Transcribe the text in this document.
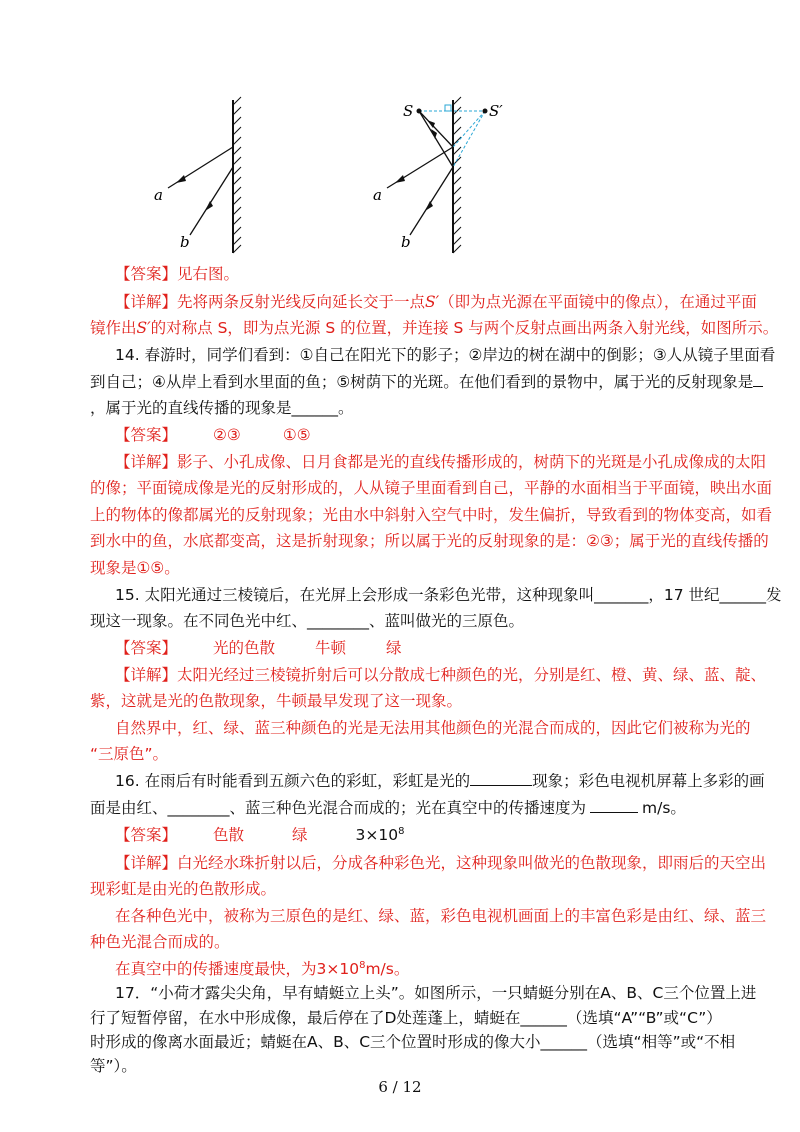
a
b
S	S′
a
b
【答案】见右图。
【详解】先将两条反射光线反向延长交于一点S′（即为点光源在平面镜中的像点），在通过平面
镜作出S′的对称点 S，即为点光源 S 的位置，并连接 S 与两个反射点画出两条入射光线，如图所示。
14. 春游时，同学们看到：①自己在阳光下的影子；②岸边的树在湖中的倒影；③人从镜子里面看
到自己；④从岸上看到水里面的鱼；⑤树荫下的光斑。在他们看到的景物中，属于光的反射现象是
，属于光的直线传播的现象是______。
【答案】 ②③	①⑤
【详解】影子、小孔成像、日月食都是光的直线传播形成的，树荫下的光斑是小孔成像成的太阳
的像；平面镜成像是光的反射形成的，人从镜子里面看到自己，平静的水面相当于平面镜，映出水面
上的物体的像都属光的反射现象；光由水中斜射入空气中时，发生偏折，导致看到的物体变高，如看
到水中的鱼，水底都变高，这是折射现象；所以属于光的反射现象的是：②③；属于光的直线传播的
现象是①⑤。
15. 太阳光通过三棱镜后，在光屏上会形成一条彩色光带，这种现象叫_______，17 世纪______发
现这一现象。在不同色光中红、________、蓝叫做光的三原色。
【答案】 光的色散	牛顿	绿
【详解】太阳光经过三棱镜折射后可以分散成七种颜色的光，分别是红、橙、黄、绿、蓝、靛、
紫，这就是光的色散现象，牛顿最早发现了这一现象。
自然界中，红、绿、蓝三种颜色的光是无法用其他颜色的光混合而成的，因此它们被称为光的
“三原色”。
16. 在雨后有时能看到五颜六色的彩虹，彩虹是光的	现象；彩色电视机屏幕上多彩的画
面是由红、________、蓝三种色光混合而成的；光在真空中的传播速度为	m/s。
【答案】 色散	绿	$3\times 10^8$
【详解】白光经水珠折射以后，分成各种彩色光，这种现象叫做光的色散现象，即雨后的天空出
现彩虹是由光的色散形成。
在各种色光中，被称为三原色的是红、绿、蓝，彩色电视机画面上的丰富色彩是由红、绿、蓝三
种色光混合而成的。
在真空中的传播速度最快，为$3\times 10^8m/s$。
17．“小荷才露尖尖角，早有蜻蜓立上头”。如图所示，一只蜻蜓分别在A、B、C三个位置上进
行了短暂停留，在水中形成像，最后停在了D处莲蓬上，蜻蜓在______（选填“A”“B”或“C”）
时形成的像离水面最近；蜻蜓在A、B、C三个位置时形成的像大小______（选填“相等”或“不相
6 / 12
等”）。
